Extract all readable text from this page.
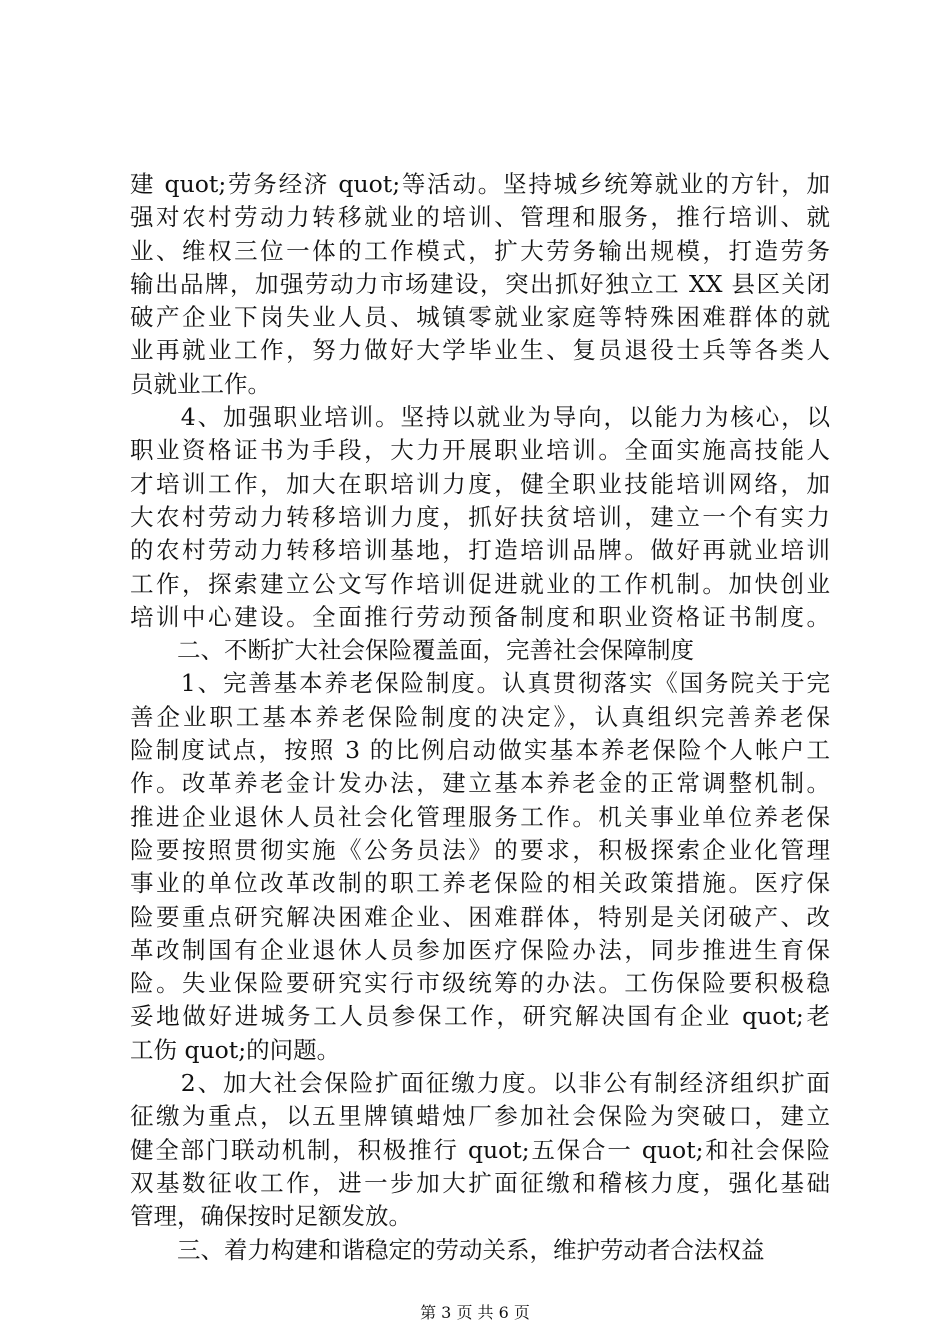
建 quot;劳务经济 quot;等活动。坚持城乡统筹就业的方针，加
强对农村劳动力转移就业的培训、管理和服务，推行培训、就
业、维权三位一体的工作模式，扩大劳务输出规模，打造劳务
输出品牌，加强劳动力市场建设，突出抓好独立工 XX 县区关闭
破产企业下岗失业人员、城镇零就业家庭等特殊困难群体的就
业再就业工作，努力做好大学毕业生、复员退役士兵等各类人
员就业工作。
　　4、加强职业培训。坚持以就业为导向，以能力为核心，以
职业资格证书为手段，大力开展职业培训。全面实施高技能人
才培训工作，加大在职培训力度，健全职业技能培训网络，加
大农村劳动力转移培训力度，抓好扶贫培训，建立一个有实力
的农村劳动力转移培训基地，打造培训品牌。做好再就业培训
工作，探索建立公文写作培训促进就业的工作机制。加快创业
培训中心建设。全面推行劳动预备制度和职业资格证书制度。
　　二、不断扩大社会保险覆盖面，完善社会保障制度
　　1、完善基本养老保险制度。认真贯彻落实《国务院关于完
善企业职工基本养老保险制度的决定》，认真组织完善养老保
险制度试点，按照 3 的比例启动做实基本养老保险个人帐户工
作。改革养老金计发办法，建立基本养老金的正常调整机制。
推进企业退休人员社会化管理服务工作。机关事业单位养老保
险要按照贯彻实施《公务员法》的要求，积极探索企业化管理
事业的单位改革改制的职工养老保险的相关政策措施。医疗保
险要重点研究解决困难企业、困难群体，特别是关闭破产、改
革改制国有企业退休人员参加医疗保险办法，同步推进生育保
险。失业保险要研究实行市级统筹的办法。工伤保险要积极稳
妥地做好进城务工人员参保工作，研究解决国有企业 quot;老
工伤 quot;的问题。
　　2、加大社会保险扩面征缴力度。以非公有制经济组织扩面
征缴为重点，以五里牌镇蜡烛厂参加社会保险为突破口，建立
健全部门联动机制，积极推行 quot;五保合一 quot;和社会保险
双基数征收工作，进一步加大扩面征缴和稽核力度，强化基础
管理，确保按时足额发放。
　　三、着力构建和谐稳定的劳动关系，维护劳动者合法权益
第 3 页 共 6 页
